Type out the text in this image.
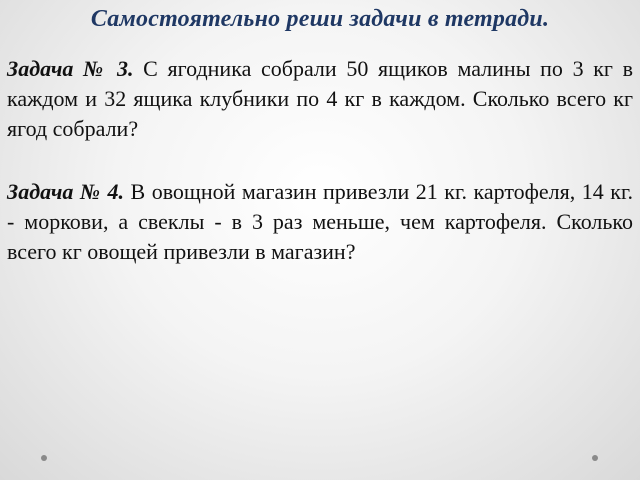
Самостоятельно реши задачи в тетради.

Задача № 3. С ягодника собрали 50 ящиков малины по 3 кг в каждом и 32 ящика клубники по 4 кг в каждом. Сколько всего кг ягод собрали?

Задача № 4. В овощной магазин привезли 21 кг. картофеля, 14 кг. - моркови, а свеклы - в 3 раз меньше, чем картофеля. Сколько всего кг овощей привезли в магазин?
